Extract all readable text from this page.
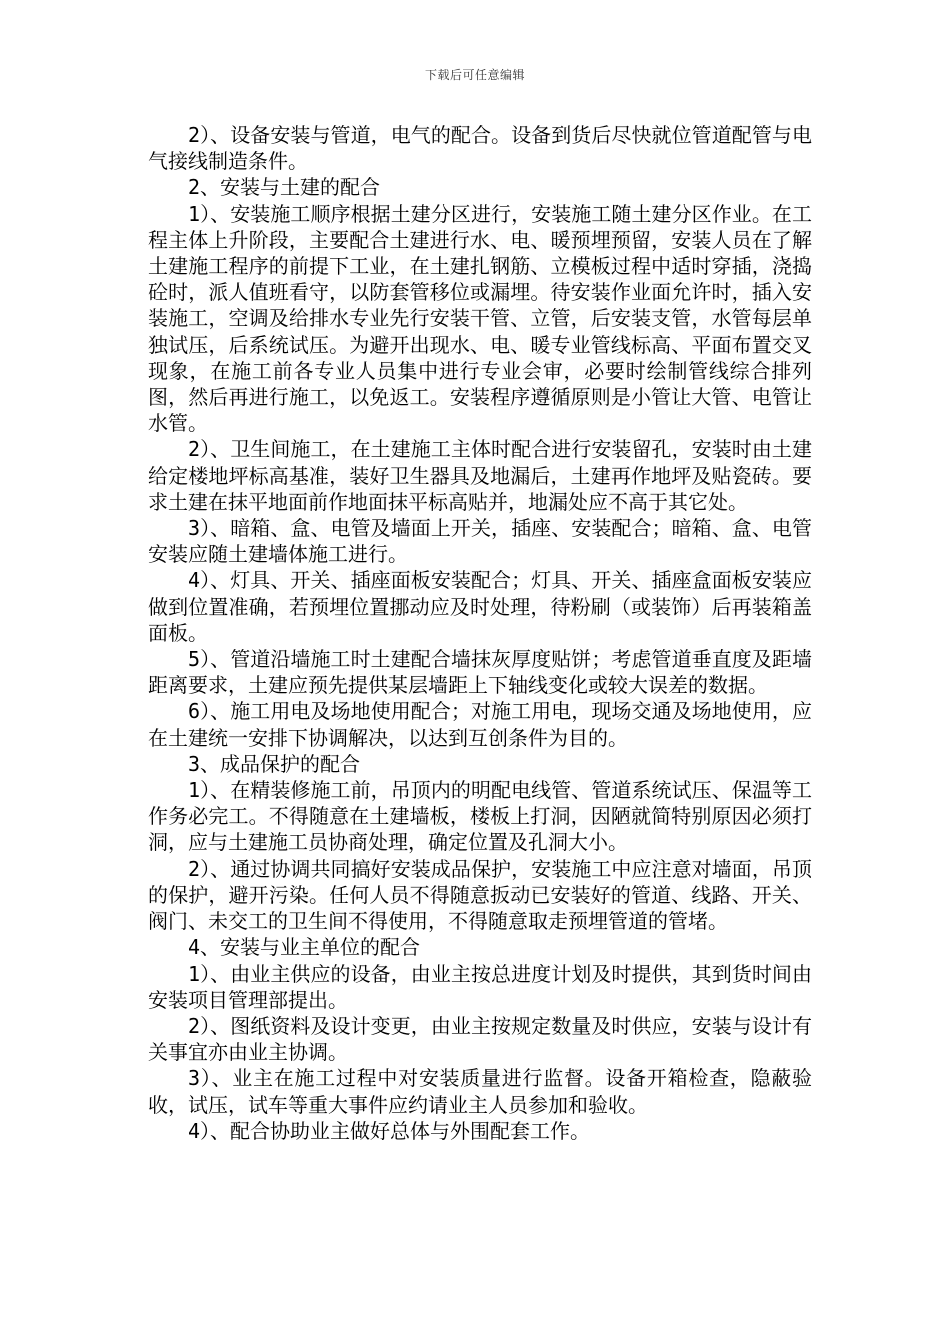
下载后可任意编辑

2）、设备安装与管道，电气的配合。设备到货后尽快就位管道配管与电气接线制造条件。

2、安装与土建的配合

1）、安装施工顺序根据土建分区进行，安装施工随土建分区作业。在工程主体上升阶段，主要配合土建进行水、电、暖预埋预留，安装人员在了解土建施工程序的前提下工业，在土建扎钢筋、立模板过程中适时穿插，浇捣砼时，派人值班看守，以防套管移位或漏埋。待安装作业面允许时，插入安装施工，空调及给排水专业先行安装干管、立管，后安装支管，水管每层单独试压，后系统试压。为避开出现水、电、暖专业管线标高、平面布置交叉现象，在施工前各专业人员集中进行专业会审，必要时绘制管线综合排列图，然后再进行施工，以免返工。安装程序遵循原则是小管让大管、电管让水管。

2）、卫生间施工，在土建施工主体时配合进行安装留孔，安装时由土建给定楼地坪标高基准，装好卫生器具及地漏后，土建再作地坪及贴瓷砖。要求土建在抹平地面前作地面抹平标高贴并，地漏处应不高于其它处。

3）、暗箱、盒、电管及墙面上开关，插座、安装配合；暗箱、盒、电管安装应随土建墙体施工进行。

4）、灯具、开关、插座面板安装配合；灯具、开关、插座盒面板安装应做到位置准确，若预埋位置挪动应及时处理，待粉刷（或装饰）后再装箱盖面板。

5）、管道沿墙施工时土建配合墙抹灰厚度贴饼；考虑管道垂直度及距墙距离要求，土建应预先提供某层墙距上下轴线变化或较大误差的数据。

6）、施工用电及场地使用配合；对施工用电，现场交通及场地使用，应在土建统一安排下协调解决，以达到互创条件为目的。

3、成品保护的配合

1）、在精装修施工前，吊顶内的明配电线管、管道系统试压、保温等工作务必完工。不得随意在土建墙板，楼板上打洞，因陋就简特别原因必须打洞，应与土建施工员协商处理，确定位置及孔洞大小。

2）、通过协调共同搞好安装成品保护，安装施工中应注意对墙面，吊顶的保护，避开污染。任何人员不得随意扳动已安装好的管道、线路、开关、阀门、未交工的卫生间不得使用，不得随意取走预埋管道的管堵。

4、安装与业主单位的配合

1）、由业主供应的设备，由业主按总进度计划及时提供，其到货时间由安装项目管理部提出。

2）、图纸资料及设计变更，由业主按规定数量及时供应，安装与设计有关事宜亦由业主协调。

3）、业主在施工过程中对安装质量进行监督。设备开箱检查，隐蔽验收，试压，试车等重大事件应约请业主人员参加和验收。

4）、配合协助业主做好总体与外围配套工作。
